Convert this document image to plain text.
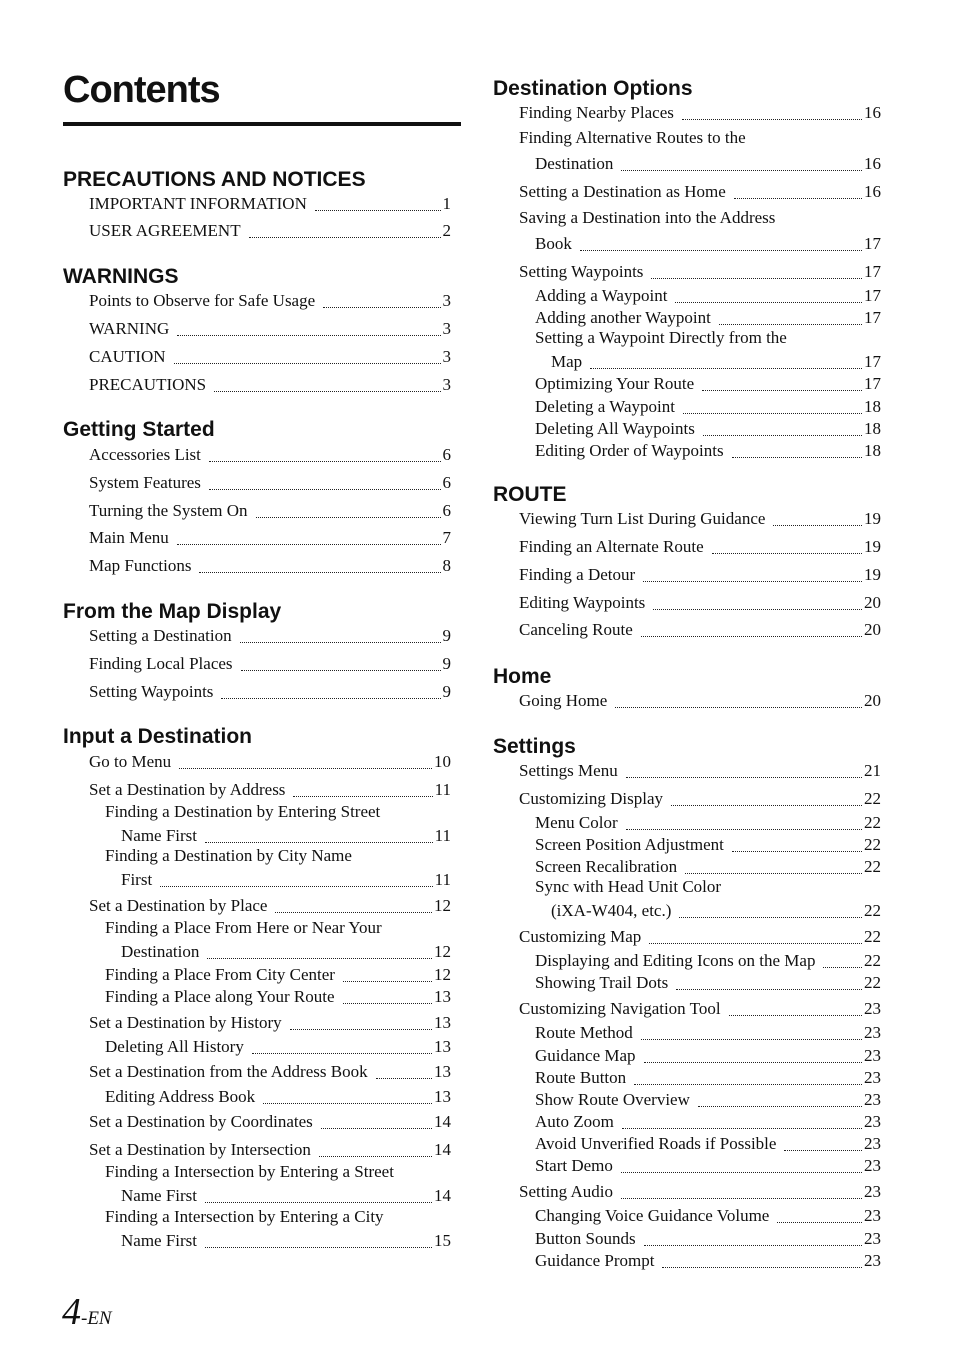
Contents
PRECAUTIONS AND NOTICES
IMPORTANT INFORMATION	1
USER AGREEMENT	2
WARNINGS
Points to Observe for Safe Usage	3
WARNING	3
CAUTION	3
PRECAUTIONS	3
Getting Started
Accessories List	6
System Features	6
Turning the System On	6
Main Menu	7
Map Functions	8
From the Map Display
Setting a Destination	9
Finding Local Places	9
Setting Waypoints	9
Input a Destination
Go to Menu	10
Set a Destination by Address	11
Finding a Destination by Entering Street
Name First	11
Finding a Destination by City Name
First	11
Set a Destination by Place	12
Finding a Place From Here or Near Your
Destination	12
Finding a Place From City Center	12
Finding a Place along Your Route	13
Set a Destination by History	13
Deleting All History	13
Set a Destination from the Address Book	13
Editing Address Book	13
Set a Destination by Coordinates	14
Set a Destination by Intersection	14
Finding a Intersection by Entering a Street
Name First	14
Finding a Intersection by Entering a City
Name First	15
Destination Options
Finding Nearby Places	16
Finding Alternative Routes to the
Destination	16
Setting a Destination as Home	16
Saving a Destination into the Address
Book	17
Setting Waypoints	17
Adding a Waypoint	17
Adding another Waypoint	17
Setting a Waypoint Directly from the
Map	17
Optimizing Your Route	17
Deleting a Waypoint	18
Deleting All Waypoints	18
Editing Order of Waypoints	18
ROUTE
Viewing Turn List During Guidance	19
Finding an Alternate Route	19
Finding a Detour	19
Editing Waypoints	20
Canceling Route	20
Home
Going Home	20
Settings
Settings Menu	21
Customizing Display	22
Menu Color	22
Screen Position Adjustment	22
Screen Recalibration	22
Sync with Head Unit Color
(iXA-W404, etc.)	22
Customizing Map	22
Displaying and Editing Icons on the Map	22
Showing Trail Dots	22
Customizing Navigation Tool	23
Route Method	23
Guidance Map	23
Route Button	23
Show Route Overview	23
Auto Zoom	23
Avoid Unverified Roads if Possible	23
Start Demo	23
Setting Audio	23
Changing Voice Guidance Volume	23
Button Sounds	23
Guidance Prompt	23
4-EN
